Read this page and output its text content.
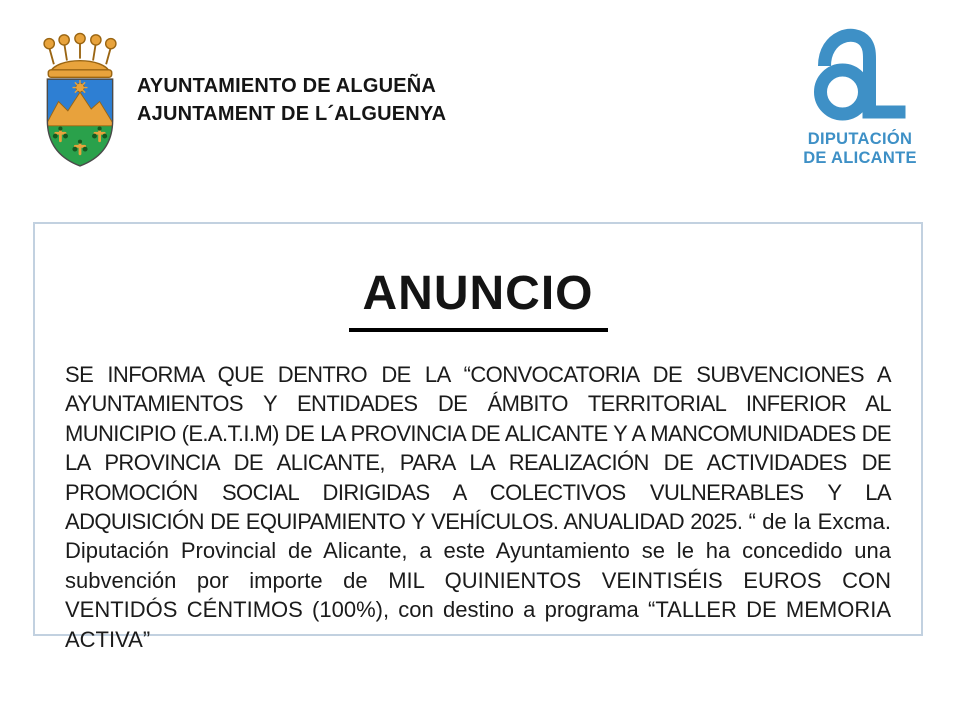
AYUNTAMIENTO DE ALGUEÑA
AJUNTAMENT DE L´ALGUENYA
DIPUTACIÓN
DE ALICANTE
ANUNCIO

SE INFORMA QUE DENTRO DE LA “CONVOCATORIA DE SUBVENCIONES A AYUNTAMIENTOS Y ENTIDADES DE ÁMBITO TERRITORIAL INFERIOR AL MUNICIPIO (E.A.T.I.M) DE LA PROVINCIA DE ALICANTE Y A MANCOMUNIDADES DE LA PROVINCIA DE ALICANTE, PARA LA REALIZACIÓN DE ACTIVIDADES DE PROMOCIÓN SOCIAL DIRIGIDAS A COLECTIVOS VULNERABLES Y LA ADQUISICIÓN DE EQUIPAMIENTO Y VEHÍCULOS. ANUALIDAD 2025. “ de la Excma. Diputación Provincial de Alicante, a este Ayuntamiento se le ha concedido una subvención por importe de MIL QUINIENTOS VEINTISÉIS EUROS CON VENTIDÓS CÉNTIMOS (100%), con destino a programa “TALLER DE MEMORIA ACTIVA”
